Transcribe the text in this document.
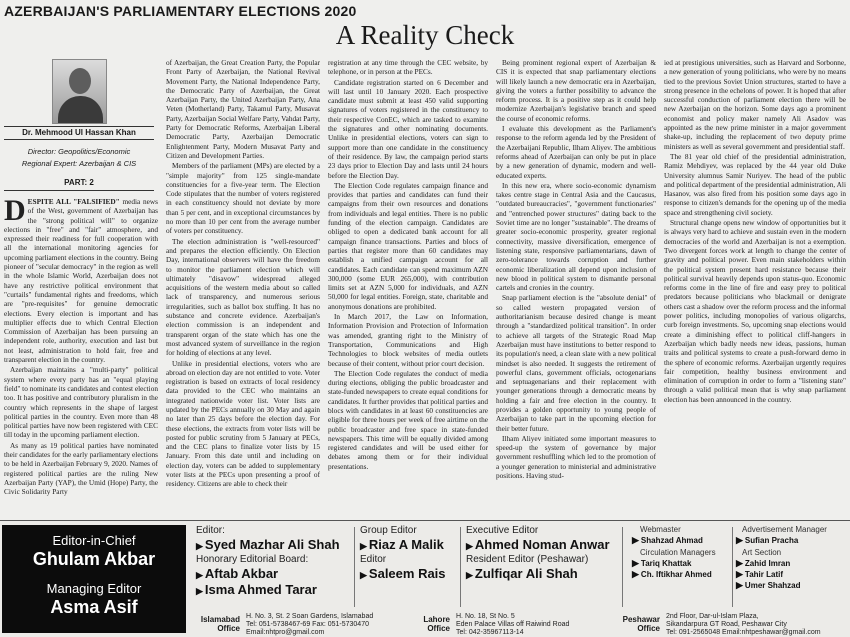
AZERBAIJAN'S PARLIAMENTARY ELECTIONS 2020
A Reality Check
Dr. Mehmood Ul Hassan Khan
Director: Geopolitics/Economic
Regional Expert: Azerbaijan & CIS
PART: 2

DESPITE ALL "FALSIFIED" media news of the West, government of Azerbaijan has the "strong political will" to organize elections in "free" and "fair" atmosphere, and expressed their readiness for full cooperation with all the international monitoring agencies for upcoming parliament elections in the country. Being pioneer of "secular democracy" in the region as well in the whole Islamic World, Azerbaijan does not have any restrictive political environment that "curtails" fundamental rights and freedoms, which are "pre-requisites" for genuine democratic elections. Every election is important and has multiplier effects due to which Central Election Commission of Azerbaijan has been pursuing an independent role, authority, execution and last but not least, administration to hold fair, free and transparent election in the country.

Azerbaijan maintains a "multi-party" political system where every party has an "equal playing field" to nominate its candidates and contest election too. It has positive and contributory pluralism in the country which represents in the shape of largest political parties in the country. Even more than 48 political parties have now been registered with CEC till today in the upcoming parliament election.

As many as 19 political parties have nominated their candidates for the early parliamentary elections to be held in Azerbaijan February 9, 2020. Names of registered political parties are the ruling New Azerbaijan Party (YAP), the Umid (Hope) Party, the Civic Solidarity Party

of Azerbaijan, the Great Creation Party, the Popular Front Party of Azerbaijan, the National Revival Movement Party, the National Independence Party, the Democratic Party of Azerbaijan, the Great Azerbaijan Party, the United Azerbaijan Party, Ana Veten (Motherland) Party, Takamul Party, Musavat Party, Azerbaijan Social Welfare Party, Vahdat Party, Party for Democratic Reforms, Azerbaijan Liberal Democratic Party, Azerbaijan Democratic Enlightenment Party, Modern Musavat Party and Citizen and Development Parties.

Members of the parliament (MPs) are elected by a "simple majority" from 125 single-mandate constituencies for a five-year term. The Election Code stipulates that the number of voters registered in each constituency should not deviate by more than 5 per cent, and in exceptional circumstances by no more than 10 per cent from the average number of voters per constituency.

The election administration is "well-resourced" and prepares the election efficiently. On Election Day, international observers will have the freedom to monitor the parliament election which will ultimately "disavow" widespread alleged acquisitions of the western media about so called lack of transparency, and numerous serious irregularities, such as ballot box stuffing. It has no substance and concrete evidence. Azerbaijan's election commission is an independent and transparent organ of the state which has one the most advanced system of surveillance in the region for holding of elections at any level.

Unlike in presidential elections, voters who are abroad on election day are not entitled to vote. Voter registration is based on extracts of local residency data provided to the CEC who maintains an integrated nationwide voter list. Voter lists are updated by the PECs annually on 30 May and again no later than 25 days before the election day. For these elections, the extracts from voter lists will be posted for public scrutiny from 5 January at PECs, and the CEC plans to finalize voter lists by 15 January. From this date until and including on election day, voters can be added to supplementary voter lists at the PECs upon presenting a proof of residency. Citizens are able to check their

registration at any time through the CEC website, by telephone, or in person at the PECs.

Candidate registration started on 6 December and will last until 10 January 2020. Each prospective candidate must submit at least 450 valid supporting signatures of voters registered in the constituency to their respective ConEC, which are tasked to examine the signatures and other nominating documents. Unlike in presidential elections, voters can sign to support more than one candidate in the constituency of their residence. By law, the campaign period starts 23 days prior to Election Day and lasts until 24 hours before the Election Day.

The Election Code regulates campaign finance and provides that parties and candidates can fund their campaigns from their own resources and donations from individuals and legal entities. There is no public funding of the election campaign. Candidates are obliged to open a dedicated bank account for all campaign finance transactions. Parties and blocs of parties that register more than 60 candidates may establish a unified campaign account for all candidates. Each candidate can spend maximum AZN 300,000 (some EUR 265,000), with contribution limits set at AZN 5,000 for individuals, and AZN 50,000 for legal entities. Foreign, state, charitable and anonymous donations are prohibited.

In March 2017, the Law on Information, Information Provision and Protection of Information was amended, granting right to the Ministry of Transportation, Communications and High Technologies to block websites of media outlets because of their content, without prior court decision.

The Election Code regulates the conduct of media during elections, obliging the public broadcaster and state-funded newspapers to create equal conditions for candidates. It further provides that political parties and blocs with candidates in at least 60 constituencies are eligible for three hours per week of free airtime on the public broadcaster and free space in state-funded newspapers. This time will be equally divided among registered candidates and will be used either for debates among them or for their individual presentations.

Being prominent regional expert of Azerbaijan & CIS it is expected that snap parliamentary elections will likely launch a new democratic era in Azerbaijan, giving the voters a further possibility to advance the reform process. It is a positive step as it could help modernize Azerbaijan's legislative branch and speed the course of economic reforms.

I evaluate this development as the Parliament's response to the reform agenda led by the President of the Azerbaijani Republic, Ilham Aliyev. The ambitious reforms ahead of Azerbaijan can only be put in place by a new generation of dynamic, modern and well-educated experts.

In this new era, where socio-economic dynamism takes centre stage in Central Asia and the Caucasus, "outdated bureaucracies", "government functionaries" and "entrenched power structures" dating back to the Soviet time are no longer "sustainable". The dreams of greater socio-economic prosperity, greater regional connectivity, massive diversification, emergence of listening state, responsive parliamentarians, dawn of zero-tolerance towards corruption and further economic liberalization all depend upon inclusion of new blood in political system to dismantle personal cartels and cronies in the country.

Snap parliament election is the "absolute denial" of so called western propagated version of authoritarianism because desired change is meant through a "standardized political transition". In order to achieve all targets of the Strategic Road Map Azerbaijan must have institutions to better respond to its population's need, a clean slate with a new political mindset is also needed. It suggests the retirement of powerful clans, government officials, octogenarians and septuagenarians and their replacement with younger generations through a democratic means by holding a fair and free election in the country. It provides a golden opportunity to young people of Azerbaijan to take part in the upcoming election for their better future.

Ilham Aliyev initiated some important measures to speed-up the system of governance by major government reshuffling which led to the promotion of a younger generation to ministerial and administrative positions. Having stud-

ied at prestigious universities, such as Harvard and Sorbonne, a new generation of young politicians, who were by no means tied to the previous Soviet Union structures, started to have a strong presence in the echelons of power. It is hoped that after successful conduction of parliament election there will be new Azerbaijan on the horizon. Some days ago a prominent economist and policy maker namely Ali Asadov was appointed as the new prime minister in a major government shake-up, including the replacement of two deputy prime ministers as well as several government and presidential staff.

The 81 year old chief of the presidential administration, Ramiz Mehdiyev, was replaced by the 44 year old Duke University alumnus Samir Nuriyev. The head of the public and political department of the presidential administration, Ali Hasanov, was also fired from his position some days ago in response to citizen's demands for the opening up of the media space and strengthening civil society.

Structural change opens new window of opportunities but it is always very hard to achieve and sustain even in the modern democracies of the world and Azerbaijan is not a exemption. Two divergent forces work at length to change the center of gravity and political power. Even main stakeholders within the political system present hard resistance because their political survival heavily depends upon status-quo. Economic reforms come in the line of fire and easy prey to political predators because politicians who blackmail or denigrate others cast a shadow over the reform process and the informal power politics, including monopolies of various oligarchs, curb foreign investments. So, upcoming snap elections would create a diminishing effect to political cliff-hangers in Azerbaijan which badly needs new ideas, passions, human traits and political systems to create a push-forward demo in the sphere of economic reforms. Azerbaijan urgently requires fair competition, healthy business environment and elimination of corruption in order to form a "listening state" through a valid political mean that is why snap parliament election has been announced in the country.

Editor-in-Chief
Ghulam Akbar
Managing Editor
Asma Asif
Editor:
▶ Syed Mazhar Ali Shah
Honorary Editorial Board:
▶ Aftab Akbar
▶ Isma Ahmed Tarar
Group Editor
▶ Riaz A Malik
Editor
▶ Saleem Rais
Executive Editor
▶ Ahmed Noman Anwar
Resident Editor (Peshawar)
▶ Zulfiqar Ali Shah
Webmaster
▶ Shahzad Ahmad
Circulation Managers
▶ Tariq Khattak
▶ Ch. Iftikhar Ahmed
Advertisement Manager
▶ Sufian Pracha
Art Section
▶ Zahid Imran
▶ Tahir Latif
▶ Umer Shahzad
Islamabad Office
H. No. 3, St. 2 Soan Gardens, Islamabad
Tel: 051-5738467-69 Fax: 051-5730470
Email:nhtpro@gmail.com
Lahore Office
H. No. 18, St No. 5
Eden Palace Villas off Raiwind Road
Tel: 042-35967113-14
Peshawar Office
2nd Floor, Dar-ul-Islam Plaza,
Sikandarpura GT Road, Peshawar City
Tel: 091-2565048 Email:nhtpeshawar@gmail.com
